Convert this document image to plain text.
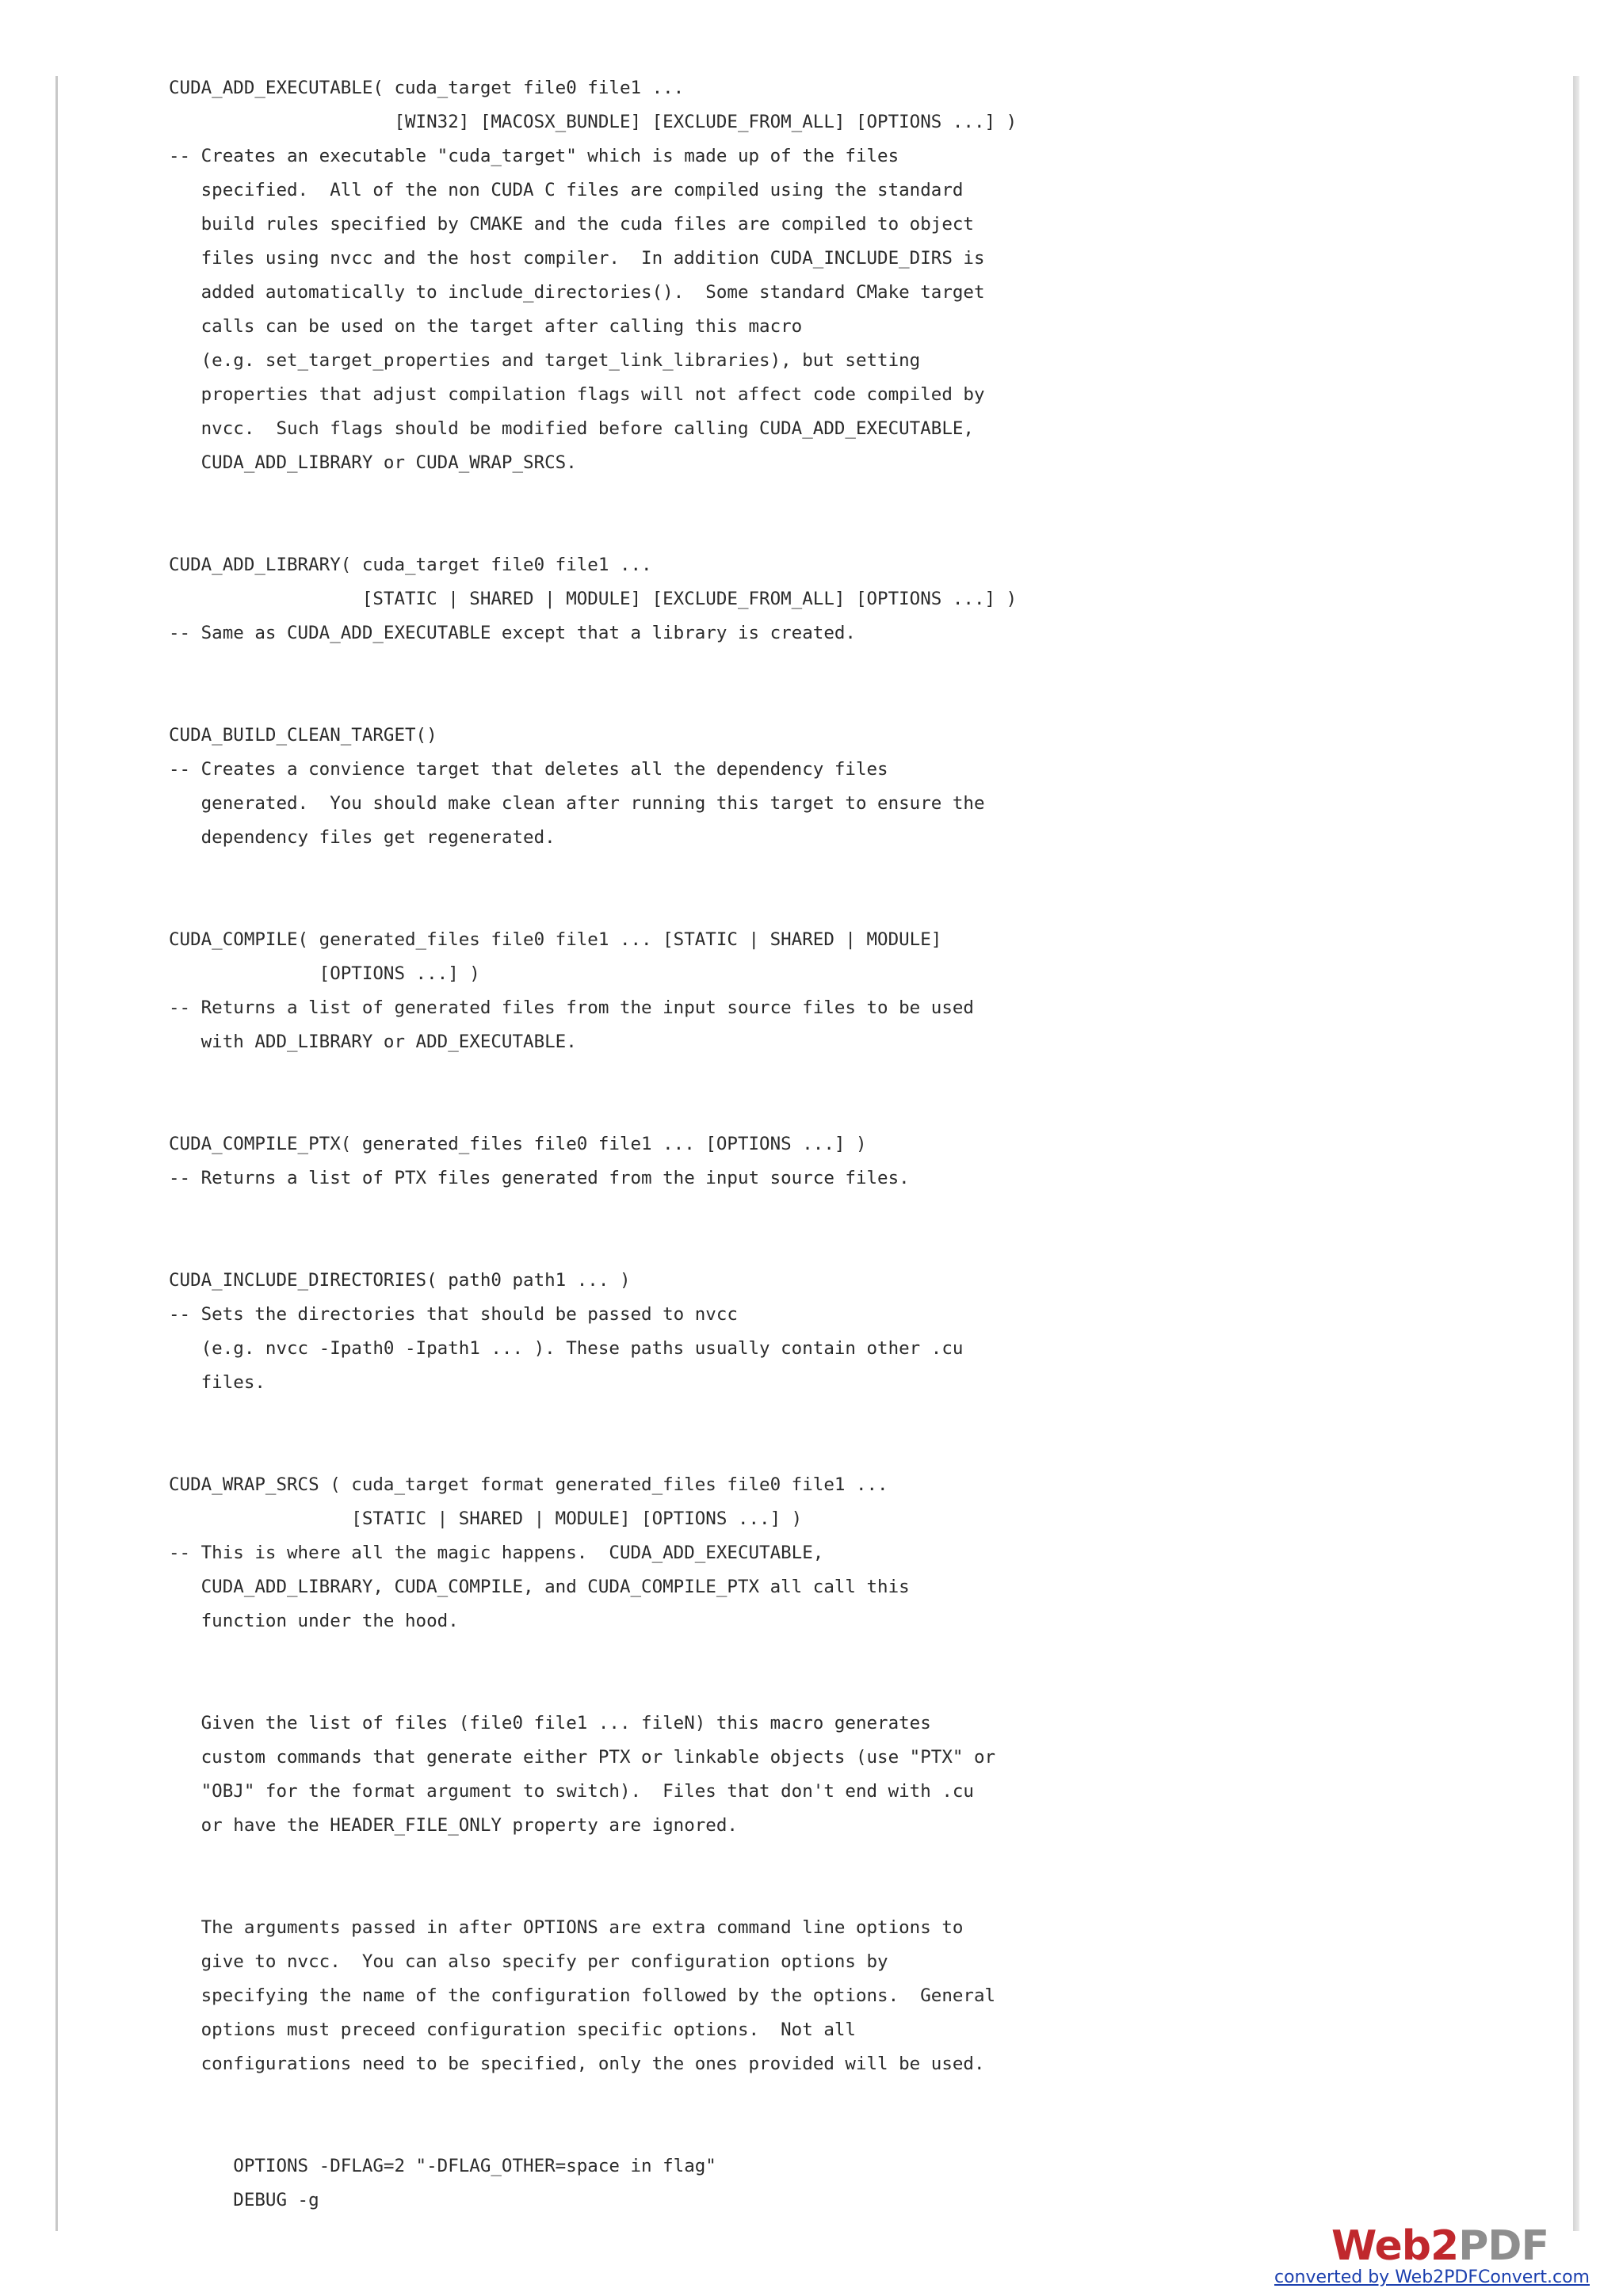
CUDA_ADD_EXECUTABLE( cuda_target file0 file1 ...
[WIN32] [MACOSX_BUNDLE] [EXCLUDE_FROM_ALL] [OPTIONS ...] )
-- Creates an executable "cuda_target" which is made up of the files
specified.  All of the non CUDA C files are compiled using the standard
build rules specified by CMAKE and the cuda files are compiled to object
files using nvcc and the host compiler.  In addition CUDA_INCLUDE_DIRS is
added automatically to include_directories().  Some standard CMake target
calls can be used on the target after calling this macro
(e.g. set_target_properties and target_link_libraries), but setting
properties that adjust compilation flags will not affect code compiled by
nvcc.  Such flags should be modified before calling CUDA_ADD_EXECUTABLE,
CUDA_ADD_LIBRARY or CUDA_WRAP_SRCS.
CUDA_ADD_LIBRARY( cuda_target file0 file1 ...
[STATIC | SHARED | MODULE] [EXCLUDE_FROM_ALL] [OPTIONS ...] )
-- Same as CUDA_ADD_EXECUTABLE except that a library is created.
CUDA_BUILD_CLEAN_TARGET()
-- Creates a convience target that deletes all the dependency files
generated.  You should make clean after running this target to ensure the
dependency files get regenerated.
CUDA_COMPILE( generated_files file0 file1 ... [STATIC | SHARED | MODULE]
[OPTIONS ...] )
-- Returns a list of generated files from the input source files to be used
with ADD_LIBRARY or ADD_EXECUTABLE.
CUDA_COMPILE_PTX( generated_files file0 file1 ... [OPTIONS ...] )
-- Returns a list of PTX files generated from the input source files.
CUDA_INCLUDE_DIRECTORIES( path0 path1 ... )
-- Sets the directories that should be passed to nvcc
(e.g. nvcc -Ipath0 -Ipath1 ... ). These paths usually contain other .cu
files.
CUDA_WRAP_SRCS ( cuda_target format generated_files file0 file1 ...
[STATIC | SHARED | MODULE] [OPTIONS ...] )
-- This is where all the magic happens.  CUDA_ADD_EXECUTABLE,
CUDA_ADD_LIBRARY, CUDA_COMPILE, and CUDA_COMPILE_PTX all call this
function under the hood.
Given the list of files (file0 file1 ... fileN) this macro generates
custom commands that generate either PTX or linkable objects (use "PTX" or
"OBJ" for the format argument to switch).  Files that don't end with .cu
or have the HEADER_FILE_ONLY property are ignored.
The arguments passed in after OPTIONS are extra command line options to
give to nvcc.  You can also specify per configuration options by
specifying the name of the configuration followed by the options.  General
options must preceed configuration specific options.  Not all
configurations need to be specified, only the ones provided will be used.
OPTIONS -DFLAG=2 "-DFLAG_OTHER=space in flag"
DEBUG -g
Web2PDF
converted by Web2PDFConvert.com
